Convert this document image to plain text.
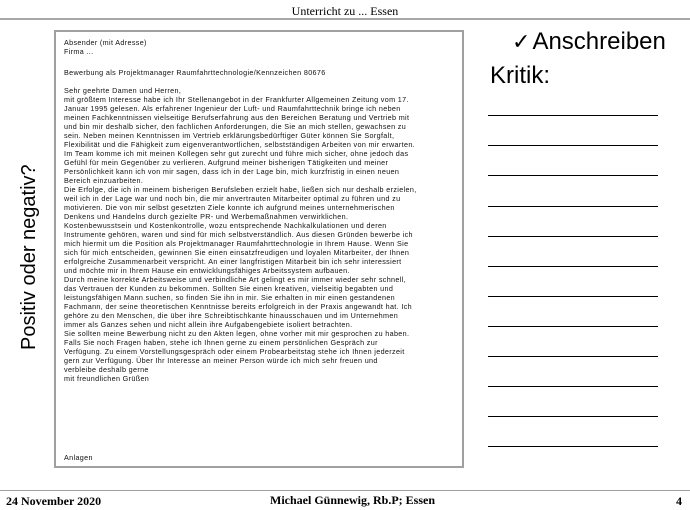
Unterricht zu ... Essen
Positiv oder negativ?
Absender (mit Adresse)
Firma ...
Bewerbung als Projektmanager Raumfahrttechnologie/Kennzeichen 80676
Sehr geehrte Damen und Herren,
mit größtem Interesse habe ich Ihr Stellenangebot in der Frankfurter Allgemeinen Zeitung vom 17.
Januar 1995 gelesen. Als erfahrener Ingenieur der Luft- und Raumfahrttechnik bringe ich neben
meinen Fachkenntnissen vielseitige Berufserfahrung aus den Bereichen Beratung und Vertrieb mit
und bin mir deshalb sicher, den fachlichen Anforderungen, die Sie an mich stellen, gewachsen zu
sein. Neben meinen Kenntnissen im Vertrieb erklärungsbedürftiger Güter können Sie Sorgfalt,
Flexibilität und die Fähigkeit zum eigenverantwortlichen, selbstständigen Arbeiten von mir erwarten.
Im Team komme ich mit meinen Kollegen sehr gut zurecht und führe mich sicher, ohne jedoch das
Gefühl für mein Gegenüber zu verlieren. Aufgrund meiner bisherigen Tätigkeiten und meiner
Persönlichkeit kann ich von mir sagen, dass ich in der Lage bin, mich kurzfristig in einen neuen
Bereich einzuarbeiten.
Die Erfolge, die ich in meinem bisherigen Berufsleben erzielt habe, ließen sich nur deshalb erzielen,
weil ich in der Lage war und noch bin, die mir anvertrauten Mitarbeiter optimal zu führen und zu
motivieren. Die von mir selbst gesetzten Ziele konnte ich aufgrund meines unternehmerischen
Denkens und Handelns durch gezielte PR- und Werbemaßnahmen verwirklichen.
Kostenbewusstsein und Kostenkontrolle, wozu entsprechende Nachkalkulationen und deren
Instrumente gehören, waren und sind für mich selbstverständlich. Aus diesen Gründen bewerbe ich
mich hiermit um die Position als Projektmanager Raumfahrttechnologie in Ihrem Hause. Wenn Sie
sich für mich entscheiden, gewinnen Sie einen einsatzfreudigen und loyalen Mitarbeiter, der Ihnen
erfolgreiche Zusammenarbeit verspricht. An einer langfristigen Mitarbeit bin ich sehr interessiert
und möchte mir in Ihrem Hause ein entwicklungsfähiges Arbeitssystem aufbauen.
Durch meine korrekte Arbeitsweise und verbindliche Art gelingt es mir immer wieder sehr schnell,
das Vertrauen der Kunden zu bekommen. Sollten Sie einen kreativen, vielseitig begabten und
leistungsfähigen Mann suchen, so finden Sie ihn in mir. Sie erhalten in mir einen gestandenen
Fachmann, der seine theoretischen Kenntnisse bereits erfolgreich in der Praxis angewandt hat. Ich
gehöre zu den Menschen, die über ihre Schreibtischkante hinausschauen und im Unternehmen
immer als Ganzes sehen und nicht allein ihre Aufgabengebiete isoliert betrachten.
Sie sollten meine Bewerbung nicht zu den Akten legen, ohne vorher mit mir gesprochen zu haben.
Falls Sie noch Fragen haben, stehe ich Ihnen gerne zu einem persönlichen Gespräch zur
Verfügung. Zu einem Vorstellungsgespräch oder einem Probearbeitstag stehe ich Ihnen jederzeit
gern zur Verfügung. Über Ihr Interesse an meiner Person würde ich mich sehr freuen und
verbleibe deshalb gerne
mit freundlichen Grüßen
Anlagen
✓Anschreiben
Kritik:
24 November 2020	Michael Günnewig, Rb.P; Essen	4
